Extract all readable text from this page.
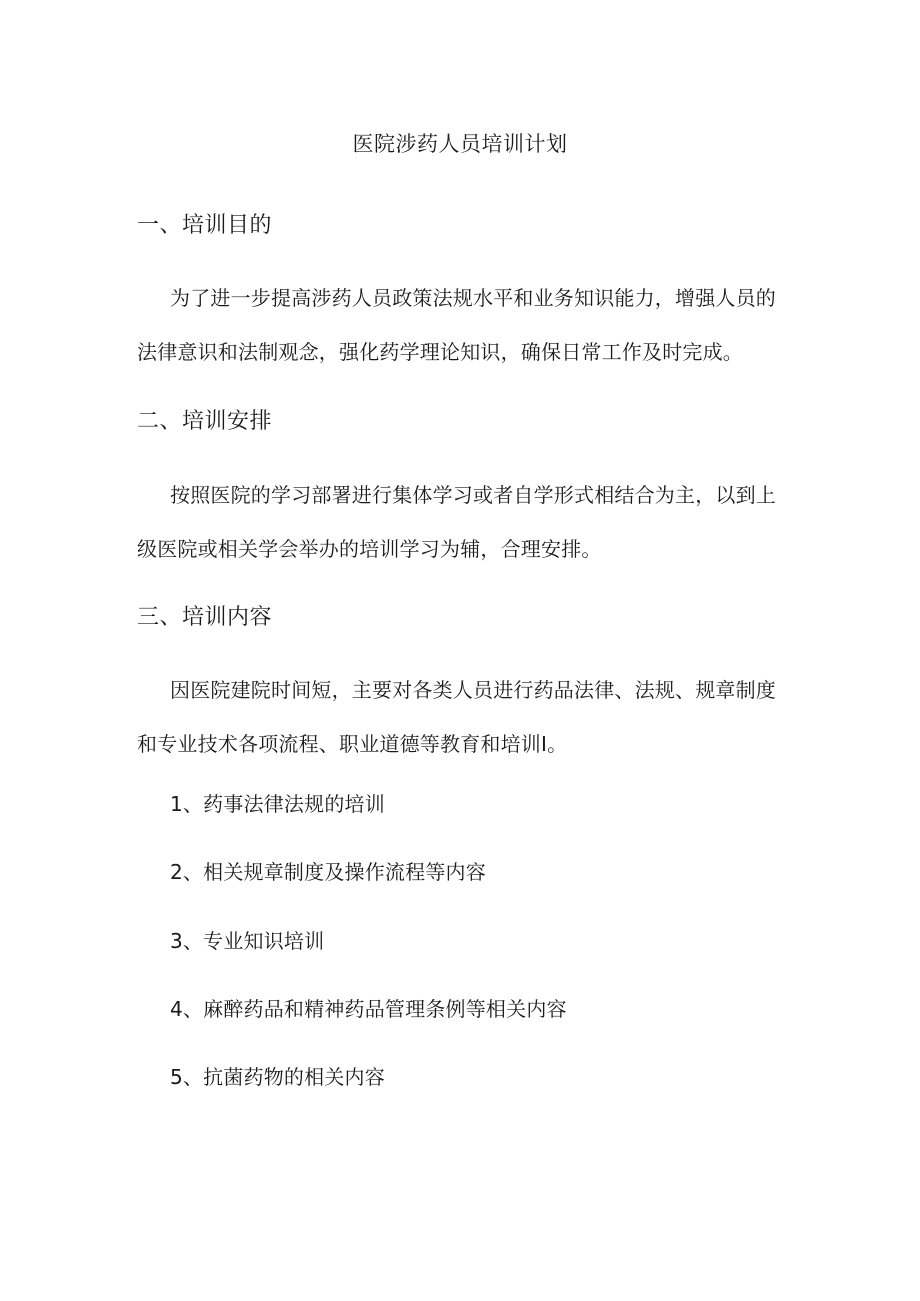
医院涉药人员培训计划
一、培训目的

为了进一步提高涉药人员政策法规水平和业务知识能力，增强人员的法律意识和法制观念，强化药学理论知识，确保日常工作及时完成。

二、培训安排

按照医院的学习部署进行集体学习或者自学形式相结合为主，以到上级医院或相关学会举办的培训学习为辅，合理安排。

三、培训内容

因医院建院时间短，主要对各类人员进行药品法律、法规、规章制度和专业技术各项流程、职业道德等教育和培训I。

1、药事法律法规的培训
2、相关规章制度及操作流程等内容
3、专业知识培训
4、麻醉药品和精神药品管理条例等相关内容
5、抗菌药物的相关内容
